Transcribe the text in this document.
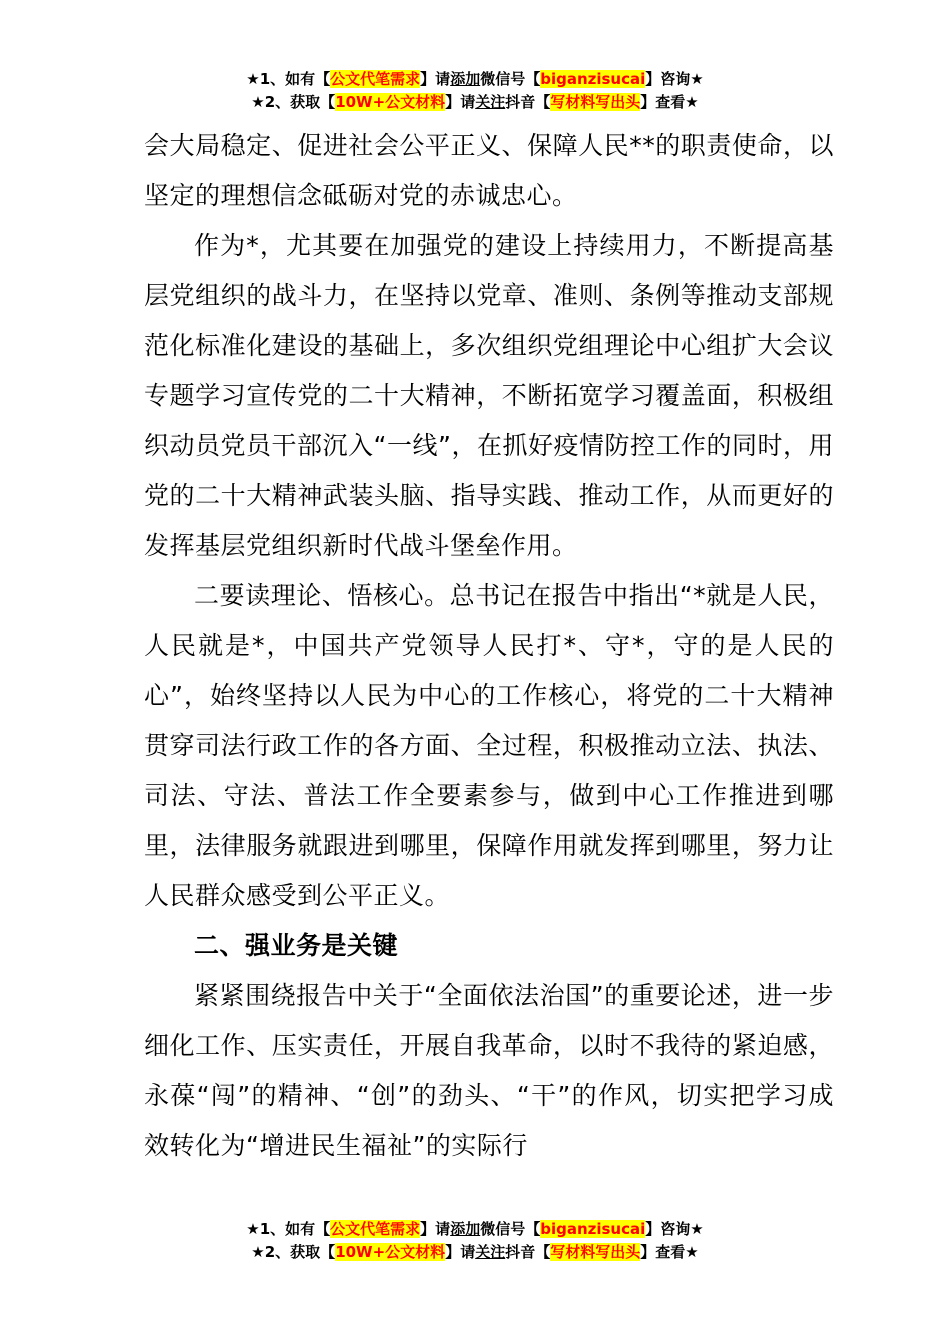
★1、如有【公文代笔需求】请添加微信号【biganzisucai】咨询★
★2、获取【10W+公文材料】请关注抖音【写材料写出头】查看★

会大局稳定、促进社会公平正义、保障人民**的职责使命，以坚定的理想信念砥砺对党的赤诚忠心。

作为*，尤其要在加强党的建设上持续用力，不断提高基层党组织的战斗力，在坚持以党章、准则、条例等推动支部规范化标准化建设的基础上，多次组织党组理论中心组扩大会议专题学习宣传党的二十大精神，不断拓宽学习覆盖面，积极组织动员党员干部沉入“一线”，在抓好疫情防控工作的同时，用党的二十大精神武装头脑、指导实践、推动工作，从而更好的发挥基层党组织新时代战斗堡垒作用。

二要读理论、悟核心。总书记在报告中指出“*就是人民，人民就是*，中国共产党领导人民打*、守*，守的是人民的心”，始终坚持以人民为中心的工作核心，将党的二十大精神贯穿司法行政工作的各方面、全过程，积极推动立法、执法、司法、守法、普法工作全要素参与，做到中心工作推进到哪里，法律服务就跟进到哪里，保障作用就发挥到哪里，努力让人民群众感受到公平正义。

二、强业务是关键

紧紧围绕报告中关于“全面依法治国”的重要论述，进一步细化工作、压实责任，开展自我革命，以时不我待的紧迫感，永葆“闯”的精神、“创”的劲头、“干”的作风，切实把学习成效转化为“增进民生福祉”的实际行

★1、如有【公文代笔需求】请添加微信号【biganzisucai】咨询★
★2、获取【10W+公文材料】请关注抖音【写材料写出头】查看★
